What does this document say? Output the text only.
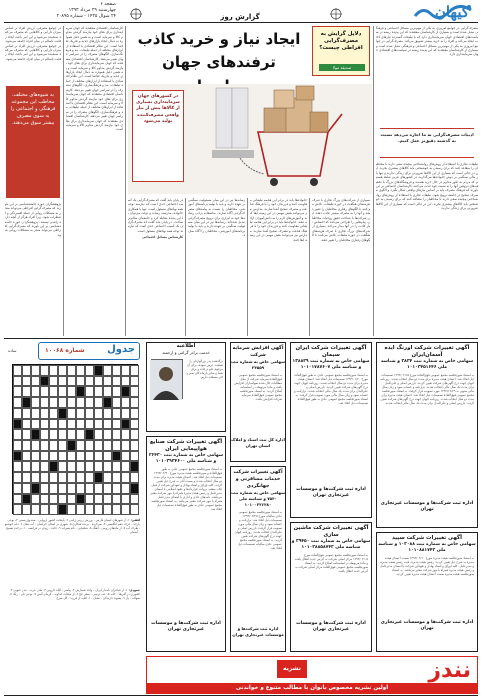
کیهان
صفحه ۶
چهارشنبه ۲۹ مرداد ۱۳۹۳
۲۴ شوال ۱۴۳۵ - شماره ۲۰۸۹۵	گزارش روز
مصرف‌گرایی در جوامع امروزی به یکی از مهم‌ترین مسائل اجتماعی و فرهنگی تبدیل شده است و بسیاری از کارشناسان معتقدند که این پدیده ریشه در سیاست‌های اقتصادی جهان سرمایه‌داری دارد که با تبلیغات گسترده نیازهای کاذب ایجاد می‌کند و افراد را به خرید بیشتر تشویق می‌کند. مصرف‌گرایی در جوامع امروزی به یکی از مهم‌ترین مسائل اجتماعی و فرهنگی تبدیل شده است و بسیاری از کارشناسان معتقدند که این پدیده ریشه در سیاست‌های اقتصادی جهان سرمایه‌داری دارد.
ادبیات مصرف‌گرایی به ما اجازه می‌دهد نسبت به گذشته دقیق‌تر عمل کنیم.
تبلیغات تجاری با استفاده از روش‌های روانشناختی پیچیده سعی دارند تا مخاطبان را متقاعد کنند که برای رسیدن به خوشبختی باید کالاهای بیشتری بخرند. این در حالی است که بسیاری از این کالاها ضرورتی برای زندگی ندارند و تنها بار مالی سنگینی بر دوش خانواده‌ها می‌گذارند. در کشورهای غربی شاهد هستیم که مردم به طور مداوم در حال خرید هستند و فروشگاه‌های بزرگ با تخفیف‌های دروغین آنها را به سمت خود جذب می‌کنند. کارشناسان اجتماعی بر این باورند که فرهنگ مصرف باید بر اساس نیازهای واقعی شکل بگیرد و الگوی مصرف صحیح در جامعه ترویج شود. تبلیغات تجاری با استفاده از روش‌های روانشناختی پیچیده سعی دارند تا مخاطبان را متقاعد کنند که برای رسیدن به خوشبختی باید کالاهای بیشتری بخرند. این در حالی است که بسیاری از این کالاها ضرورتی برای زندگی ندارند.
دلایل گرایش به مصرف‌گرایی افراطی چیست؟
صدیقه مولا
ایجاد نیاز و خرید کاذب
ترفندهای جهان
در کشورهای جهان سرمایه‌داری بسیاری از کالاها پیش از نیاز واقعی مصرف‌کننده تولید می‌شود
بسیاری از شرکت‌های بزرگ تجاری با صرف هزینه‌های هنگفت در حوزه تبلیغات، تلاش می‌کنند تا الگوهای رفتاری مخاطبان را تغییر دهند و آنها را به مصرف بیشتر عادت دهند. این شرکت‌ها با شناخت دقیق روحیات مخاطبان، پیام‌هایی را طراحی می‌کنند که احساس نیاز کاذب را در آنها بیدار می‌کند. بسیاری از شرکت‌های بزرگ تجاری با صرف هزینه‌های هنگفت در حوزه تبلیغات، تلاش می‌کنند تا الگوهای رفتاری مخاطبان را تغییر دهند.
خانواده‌ها باید در برابر این هجمه تبلیغاتی مقاومت کنند و فرزندان خود را با فرهنگ قناعت و مصرف صحیح آشنا سازند. مدارس نیز می‌توانند نقش مهمی در این زمینه ایفا کنند و آموزش‌های لازم را به دانش‌آموزان ارائه دهند. خانواده‌ها باید در برابر این هجمه تبلیغاتی مقاومت کنند و فرزندان خود را با فرهنگ قناعت و مصرف صحیح آشنا سازند. مدارس نیز می‌توانند نقش مهمی در این زمینه ایفا کنند.
رسانه‌ها نیز در این میان مسئولیت سنگینی بر عهده دارند و باید با تولید برنامه‌های آموزشی، مخاطبان را نسبت به پیامدهای مصرف‌گرایی آگاه سازند. متاسفانه برخی رسانه‌ها خود به ابزاری برای ترویج مصرف‌گرایی تبدیل شده‌اند. رسانه‌ها نیز در این میان مسئولیت سنگینی بر عهده دارند و باید با تولید برنامه‌های آموزشی، مخاطبان را آگاه سازند.
در پایان باید گفت که مصرف‌گرایی یک آسیب اجتماعی جدی است که نیازمند توجه همه نهادهای مسئول است. تنها با همکاری خانواده، مدرسه، رسانه و دولت می‌توان با این پدیده مقابله کرد و جامعه‌ای سالم‌تر ساخت. در پایان باید گفت که مصرف‌گرایی یک آسیب اجتماعی جدی است که نیازمند توجه همه نهادهای مسئول است.
کارشناس مسائل اجتماعی
کارشناسان اقتصادی معتقدند که جهان سرمایه‌داری برای بقای خود نیازمند گردش مداوم کالا و سرمایه است و به همین دلیل همواره به دنبال ایجاد بازارهای جدید و تحریک تقاضا است. این نظام اقتصادی با استفاده از ابزارهای مختلف از جمله تبلیغات، مد و فرهنگ‌سازی، الگوهای مصرف را در سراسر جهان تغییر می‌دهد. کارشناسان اقتصادی معتقدند که جهان سرمایه‌داری برای بقای خود نیازمند گردش مداوم کالا و سرمایه است و به همین دلیل همواره به دنبال ایجاد بازارهای جدید و تحریک تقاضا است. این نظام اقتصادی با استفاده از ابزارهای مختلف از جمله تبلیغات، مد و فرهنگ‌سازی، الگوهای مصرف را در سراسر جهان تغییر می‌دهد. کارشناسان اقتصادی معتقدند که جهان سرمایه‌داری برای بقای خود نیازمند گردش مداوم کالا و سرمایه است. این نظام اقتصادی با استفاده از ابزارهای مختلف از جمله تبلیغات، مد و فرهنگ‌سازی، الگوهای مصرف را در سراسر جهان تغییر می‌دهد. کارشناسان اقتصادی معتقدند که جهان سرمایه‌داری برای بقای خود نیازمند گردش مداوم کالا و سرمایه است.
در جوامع مصرفی، ارزش افراد بر اساس میزان دارایی و کالاهایی که مصرف می‌کنند سنجیده می‌شود و این امر باعث ایجاد رقابت ناسالم در میان افراد جامعه می‌شود. در جوامع مصرفی، ارزش افراد بر اساس میزان دارایی و کالاهایی که مصرف می‌کنند سنجیده می‌شود و این امر باعث ایجاد رقابت ناسالم در میان افراد جامعه می‌شود.
به شیوه‌های مختلف، مخاطب این مجموعه فرهنگی و اجتماعی را به سوی مصرف بیشتر سوق می‌دهند.
پژوهشگران حوزه جامعه‌شناسی بر این باورند که مصرف‌گرایی افراطی می‌تواند منجر به مشکلات روانی از جمله افسردگی و اضطراب شود، زیرا افراد هرگز از آنچه دارند راضی نیستند. پژوهشگران حوزه جامعه‌شناسی بر این باورند که مصرف‌گرایی افراطی می‌تواند منجر به مشکلات روانی شود.
آگهی تغییرات شرکت اورنگ ایده آسمان‌ایران
سهامی خاص به شماره ثبت ۳۸۲۴ و شناسه ملی ۱۰۱۰۳۴۵۱۶۴۶
به استناد صورتجلسه مجمع عمومی فوق‌العاده مورخ ۱۳۹۳/۰۲/۱۵ تصمیمات ذیل اتخاذ شد: اعضای هیئت مدیره برای مدت دو سال انتخاب شدند. روزنامه کیهان جهت درج آگهی‌های شرکت تعیین گردید. بازرس اصلی و علی‌البدل برای مدت یک سال مالی انتخاب شدند. ترازنامه و حساب سود و زیان سال مالی منتهی به ۱۳۹۲/۱۲/۲۹ مورد تصویب قرار گرفت. به استناد صورتجلسه مجمع عمومی فوق‌العاده تصمیمات ذیل اتخاذ شد: اعضای هیئت مدیره برای مدت دو سال انتخاب شدند. روزنامه کیهان جهت درج آگهی‌های شرکت تعیین گردید. بازرس اصلی و علی‌البدل برای مدت یک سال مالی انتخاب شدند.
اداره ثبت شرکت‌ها و موسسات غیرتجاری تهران
آگهی تغییرات شرکت سپید
سهامی خاص به شماره ثبت ۱۰۳۰۸۸ و شناسه ملی ۱۰۱۰۸۸۱۷۴۳
به استناد صورتجلسه هیئت مدیره مورخ ۱۳۹۳/۰۳/۱۰ سمت اعضای هیئت مدیره به شرح ذیل تعیین گردید: رئیس هیئت مدیره، نایب رئیس هیئت مدیره و مدیرعامل. کلیه اوراق و اسناد بهادار و تعهدآور شرکت با امضای مدیرعامل و رئیس هیئت مدیره همراه با مهر شرکت معتبر می‌باشد. به استناد صورتجلسه هیئت مدیره سمت اعضای هیئت مدیره تعیین گردید.
اداره ثبت شرکت‌ها و موسسات غیرتجاری تهران
آگهی تغییرات شرکت ایران سیمان
سهامی خاص به شماره ثبت ۱۳۸۸۲۹ و شناسه ملی ۱۰۱۰۱۷۸۷۶۰۷
به استناد صورتجلسه مجمع عمومی عادی به طور فوق‌العاده مورخ ۱۳۹۳/۰۱/۲۰ تصمیمات ذیل اتخاذ شد: اعضای هیئت مدیره برای مدت دو سال انتخاب شدند. روزنامه کیهان جهت درج آگهی‌های شرکت تعیین گردید. بازرس اصلی و علی‌البدل برای مدت یک سال مالی انتخاب شدند. ترازنامه و حساب سود و زیان سال مالی مورد تصویب قرار گرفت. به استناد صورتجلسه مجمع عمومی عادی به طور فوق‌العاده تصمیمات ذیل اتخاذ شد.
اداره ثبت شرکت‌ها و موسسات غیرتجاری تهران
آگهی تغییرات شرکت ماشین سازی
سهامی خاص به شماره ثبت ۳۹۴۵۰ و شناسه ملی ۱۰۱۰۲۸۸۵۸۷۴۲
به استناد صورتجلسه مجمع عمومی فوق‌العاده مورخ ۱۳۹۳/۰۴/۰۵ مرکز اصلی شرکت به آدرس جدید انتقال یافت و ماده مربوطه در اساسنامه اصلاح گردید. به استناد صورتجلسه مجمع عمومی فوق‌العاده مرکز اصلی شرکت به آدرس جدید انتقال یافت.
اداره ثبت شرکت‌ها و موسسات غیرتجاری تهران
آگهی افزایش سرمایه شرکت
سهامی خاص به شماره ثبت ۲۴۵۵۹
به استناد صورتجلسه مجمع عمومی فوق‌العاده سرمایه شرکت از محل مطالبات حال شده سهامداران افزایش یافت و ماده مربوطه در اساسنامه اصلاح گردید. به استناد صورتجلسه مجمع عمومی فوق‌العاده سرمایه شرکت افزایش یافت.
اداره کل ثبت اسناد و املاک استان تهران
آگهی تغییرات شرکت خدمات مسافرتی و جهانگردی
سهامی خاص به شماره ثبت ۷۵۴۰ و شناسه ملی ۱۰۱۰۰۳۲۶۴۸۰
به استناد صورتجلسه مجمع عمومی عادی سالیانه مورخ ۱۳۹۳/۰۳/۲۵ تصمیمات ذیل اتخاذ شد: ترازنامه و حساب سود و زیان سال مالی مورد تصویب قرار گرفت. بازرس اصلی و علی‌البدل انتخاب شدند. روزنامه کیهان جهت درج آگهی‌های شرکت تعیین گردید. به استناد صورتجلسه مجمع عمومی عادی سالیانه تصمیمات ذیل اتخاذ شد.
اداره ثبت شرکت‌ها و موسسات غیرتجاری تهران
اطلاعیه
خدمت برادر گرامی و ارجمند
درگذشت پدر بزرگوارتان را تسلیت عرض نموده، برای آن مرحوم علو درجات و برای شما و سایر بازماندگان صبر و اجر مسئلت داریم.
آگهی تغییرات شرکت صنایع هواپیمایی ایران
سهامی خاص به شماره ثبت ۲۶۴۳۰ و شناسه ملی ۱۰۱۰۳۹۲۴۶۰۰
به استناد صورتجلسه مجمع عمومی عادی به طور فوق‌العاده و صورتجلسه هیئت مدیره مورخ ۱۳۹۳/۰۲/۳۰ تصمیمات ذیل اتخاذ شد: اعضای هیئت مدیره برای مدت دو سال انتخاب شدند و سمت آنان به شرح ذیل تعیین گردید. کلیه اوراق و اسناد بهادار و تعهدآور شرکت از قبیل چک، سفته، بروات، قراردادها و عقود اسلامی با امضای مدیرعامل و رئیس هیئت مدیره همراه با مهر شرکت معتبر می‌باشد. نامه‌های عادی و اداری با امضای مدیرعامل همراه با مهر شرکت معتبر می‌باشد. به استناد صورتجلسه مجمع عمومی عادی به طور فوق‌العاده تصمیمات ذیل اتخاذ شد.
اداره ثبت شرکت‌ها و موسسات غیرتجاری تهران
جدول
شماره ۱۰۰۶۸
ساده
افقی: ۱- از شهرهای استان فارس - ورزش رزمی ژاپنی ۲- پایتخت کشور اروپایی - صندوق پستی ۳- نوعی پارچه - حرف دهم انگلیسی ۴- سرکرده - پرنده شکاری ۵- شهری در استان خراسان - آب دهان ۶- دانه خوشبو - ظرف آب ۷- از ماه‌های رومی - آهنگ ۸- شکیبایی - نام پسرانه ۹- جاده - رودی در فرانسه ۱۰- درخت تسبیح - آسمان
عمودی: ۱- از شاعران نامدار ایران - واحد شمارش ۲- پیامبر - گیاه دارویی ۳- مادر عرب - بندر جنوبی ۴- کشوری در آفریقا - خانه ۵- عدد ترتیبی - سفر حج ۶- از صفات خداوند - گرمای آتش ۷- نوعی نان - رنگ ۸- سوگند - یار ۹- پسوند دارندگی - نشان ۱۰- کنایه از فرزند - گل سرخ
نندز
نشریه
اولین نشریه مخصوص بانوان با مطالب متنوع و خواندنی
